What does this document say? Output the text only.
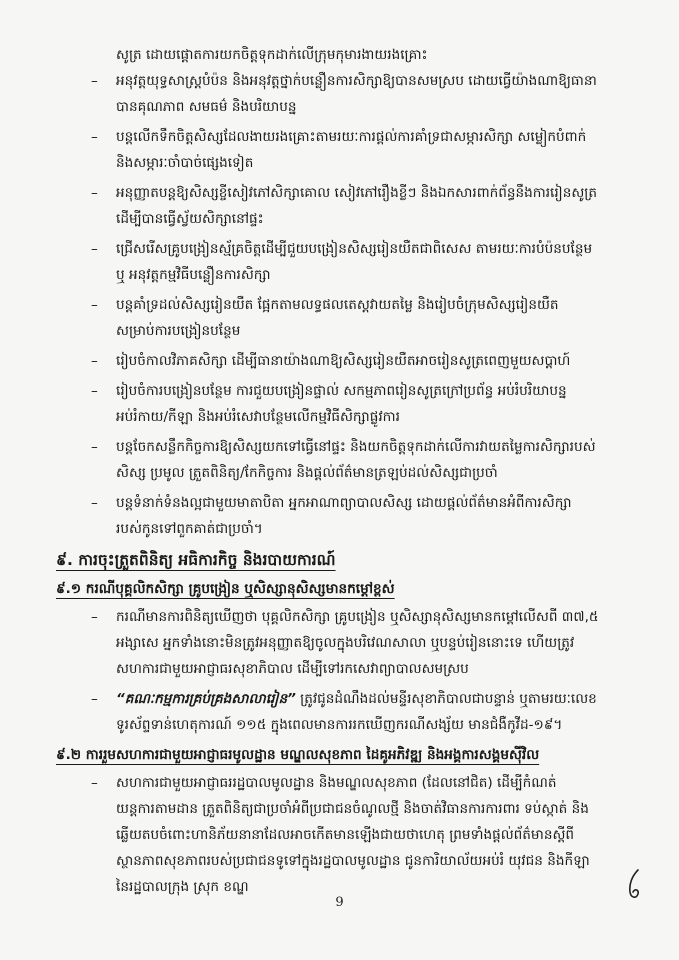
សូត្រ ដោយផ្ដោតការយកចិត្តទុកដាក់លើក្រុមកុមារងាយរងគ្រោះ
– អនុវត្តយុទ្ធសាស្ត្របំប៉ន និងអនុវត្តថ្នាក់បន្លឿនការសិក្សាឱ្យបានសមស្រប ដោយធ្វើយ៉ាងណាឱ្យធានា
បានគុណភាព សមធម៌ និងបរិយាបន្ន
– បន្តលើកទឹកចិត្តសិស្សដែលងាយរងគ្រោះតាមរយៈការផ្ដល់ការគាំទ្រជាសម្ភារសិក្សា សម្លៀកបំពាក់
និងសម្ភារៈចាំបាច់ផ្សេងទៀត
– អនុញ្ញាតបន្តឱ្យសិស្សខ្ចីសៀវភៅសិក្សាគោល សៀវភៅរឿងខ្លីៗ និងឯកសារពាក់ព័ន្ធនឹងការរៀនសូត្រ
ដើម្បីបានធ្វើស្វ័យសិក្សានៅផ្ទះ
– ជ្រើសរើសគ្រូបង្រៀនស្ម័គ្រចិត្តដើម្បីជួយបង្រៀនសិស្សរៀនយឺតជាពិសេស តាមរយៈការបំប៉នបន្ថែម
ឬ អនុវត្តកម្មវិធីបន្លឿនការសិក្សា
– បន្តគាំទ្រដល់សិស្សរៀនយឺត ផ្អែកតាមលទ្ធផលតេស្តវាយតម្លៃ និងរៀបចំក្រុមសិស្សរៀនយឺត
សម្រាប់ការបង្រៀនបន្ថែម
– រៀបចំកាលវិភាគសិក្សា ដើម្បីធានាយ៉ាងណាឱ្យសិស្សរៀនយឺតអាចរៀនសូត្រពេញមួយសប្ដាហ៍
– រៀបចំការបង្រៀនបន្ថែម ការជួយបង្រៀនផ្ទាល់ សកម្មភាពរៀនសូត្រក្រៅប្រព័ន្ធ អប់រំបរិយាបន្ន
អប់រំកាយ/កីឡា និងអប់រំសេវាបន្ថែមលើកម្មវិធីសិក្សាផ្លូវការ
– បន្តចែកសន្លឹកកិច្ចការឱ្យសិស្សយកទៅធ្វើនៅផ្ទះ និងយកចិត្តទុកដាក់លើការវាយតម្លៃការសិក្សារបស់
សិស្ស ប្រមូល ត្រួតពិនិត្យ/កែកិច្ចការ និងផ្ដល់ព័ត៌មានត្រឡប់ដល់សិស្សជាប្រចាំ
– បន្តទំនាក់ទំនងល្អជាមួយមាតាបិតា អ្នកអាណាព្យាបាលសិស្ស ដោយផ្ដល់ព័ត៌មានអំពីការសិក្សា
របស់កូនទៅពួកគាត់ជាប្រចាំ។
៩. ការចុះត្រួតពិនិត្យ អធិការកិច្ច និងរបាយការណ៍
៩.១ ករណីបុគ្គលិកសិក្សា គ្រូបង្រៀន ឬសិស្សានុសិស្សមានកម្ដៅខ្ពស់
– ករណីមានការពិនិត្យឃើញថា បុគ្គលិកសិក្សា គ្រូបង្រៀន ឬសិស្សានុសិស្សមានកម្ដៅលើសពី ៣៧,៥
អង្សាសេ អ្នកទាំងនោះមិនត្រូវអនុញ្ញាតឱ្យចូលក្នុងបរិវេណសាលា ឬបន្ទប់រៀននោះទេ ហើយត្រូវ
សហការជាមួយអាជ្ញាធរសុខាភិបាល ដើម្បីទៅរកសេវាព្យាបាលសមស្រប
– “គណៈកម្មការគ្រប់គ្រងសាលារៀន” ត្រូវជូនដំណឹងដល់មន្ទីរសុខាភិបាលជាបន្ទាន់ ឬតាមរយៈលេខ
ទូរស័ព្ទទាន់ហេតុការណ៍ ១១៥ ក្នុងពេលមានការរកឃើញករណីសង្ស័យ មានជំងឺកូវីដ-១៩។
៩.២ ការរួមសហការជាមួយអាជ្ញាធរមូលដ្ឋាន មណ្ឌលសុខភាព ដៃគូអភិវឌ្ឍ និងអង្គការសង្គមស៊ីវិល
– សហការជាមួយអាជ្ញាធររដ្ឋបាលមូលដ្ឋាន និងមណ្ឌលសុខភាព (ដែលនៅជិត) ដើម្បីកំណត់
យន្តការតាមដាន ត្រួតពិនិត្យជាប្រចាំអំពីប្រជាជនចំណូលថ្មី និងចាត់វិធានការការពារ ទប់ស្កាត់ និង
ឆ្លើយតបចំពោះហានិភ័យនានាដែលអាចកើតមានឡើងជាយថាហេតុ ព្រមទាំងផ្ដល់ព័ត៌មានស្ដីពី
ស្ថានភាពសុខភាពរបស់ប្រជាជនទូទៅក្នុងរដ្ឋបាលមូលដ្ឋាន ជូនការិយាល័យអប់រំ យុវជន និងកីឡា
នៃរដ្ឋបាលក្រុង ស្រុក ខណ្ឌ
9
